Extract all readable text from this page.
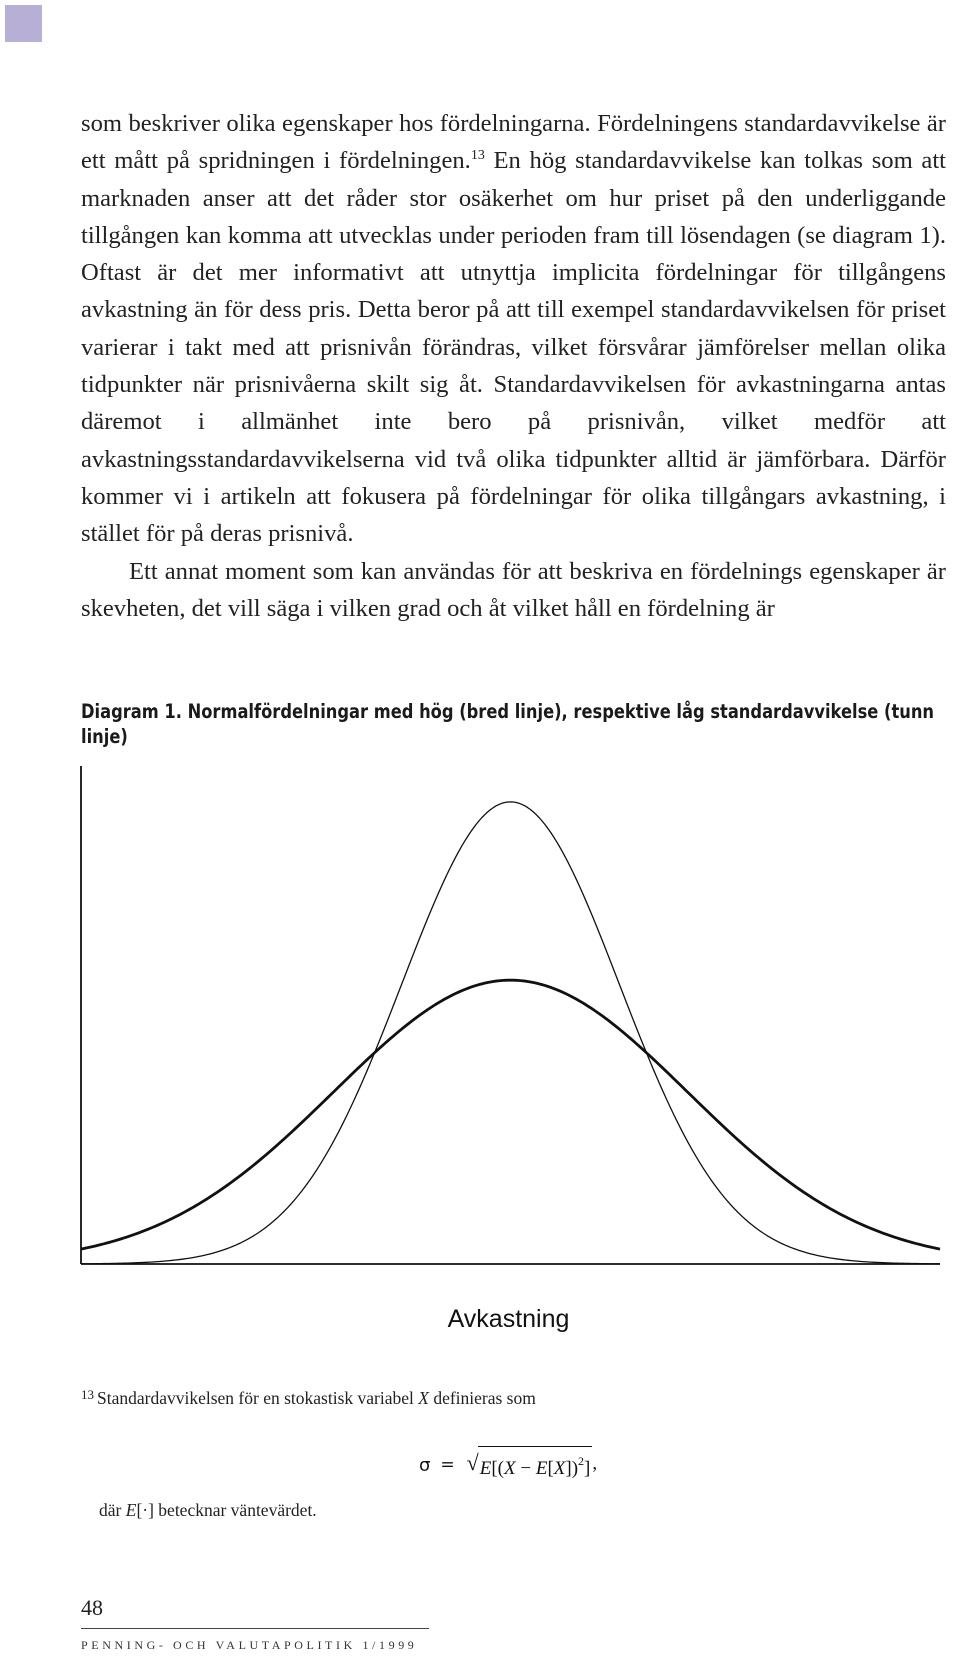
som beskriver olika egenskaper hos fördelningarna. Fördelningens standardavvikelse är ett mått på spridningen i fördelningen.$^{13}$ En hög standardavvikelse kan tolkas som att marknaden anser att det råder stor osäkerhet om hur priset på den underliggande tillgången kan komma att utvecklas under perioden fram till lösendagen (se diagram 1). Oftast är det mer informativt att utnyttja implicita fördelningar för tillgångens avkastning än för dess pris. Detta beror på att till exempel standardavvikelsen för priset varierar i takt med att prisnivån förändras, vilket försvårar jämförelser mellan olika tidpunkter när prisnivåerna skilt sig åt. Standardavvikelsen för avkastningarna antas däremot i allmänhet inte bero på prisnivån, vilket medför att avkastningsstandardavvikelserna vid två olika tidpunkter alltid är jämförbara. Därför kommer vi i artikeln att fokusera på fördelningar för olika tillgångars avkastning, i stället för på deras prisnivå.

Ett annat moment som kan användas för att beskriva en fördelnings egenskaper är skevheten, det vill säga i vilken grad och åt vilket håll en fördelning är

Diagram 1. Normalfördelningar med hög (bred linje), respektive låg standardavvikelse (tunn linje)
Avkastning
$^{13}$ Standardavvikelsen för en stokastisk variabel X definieras som
σ = √ $E[(X - E[X])^2]$ ,
där E[·] betecknar väntevärdet.
48
PENNING- OCH VALUTAPOLITIK 1/1999
